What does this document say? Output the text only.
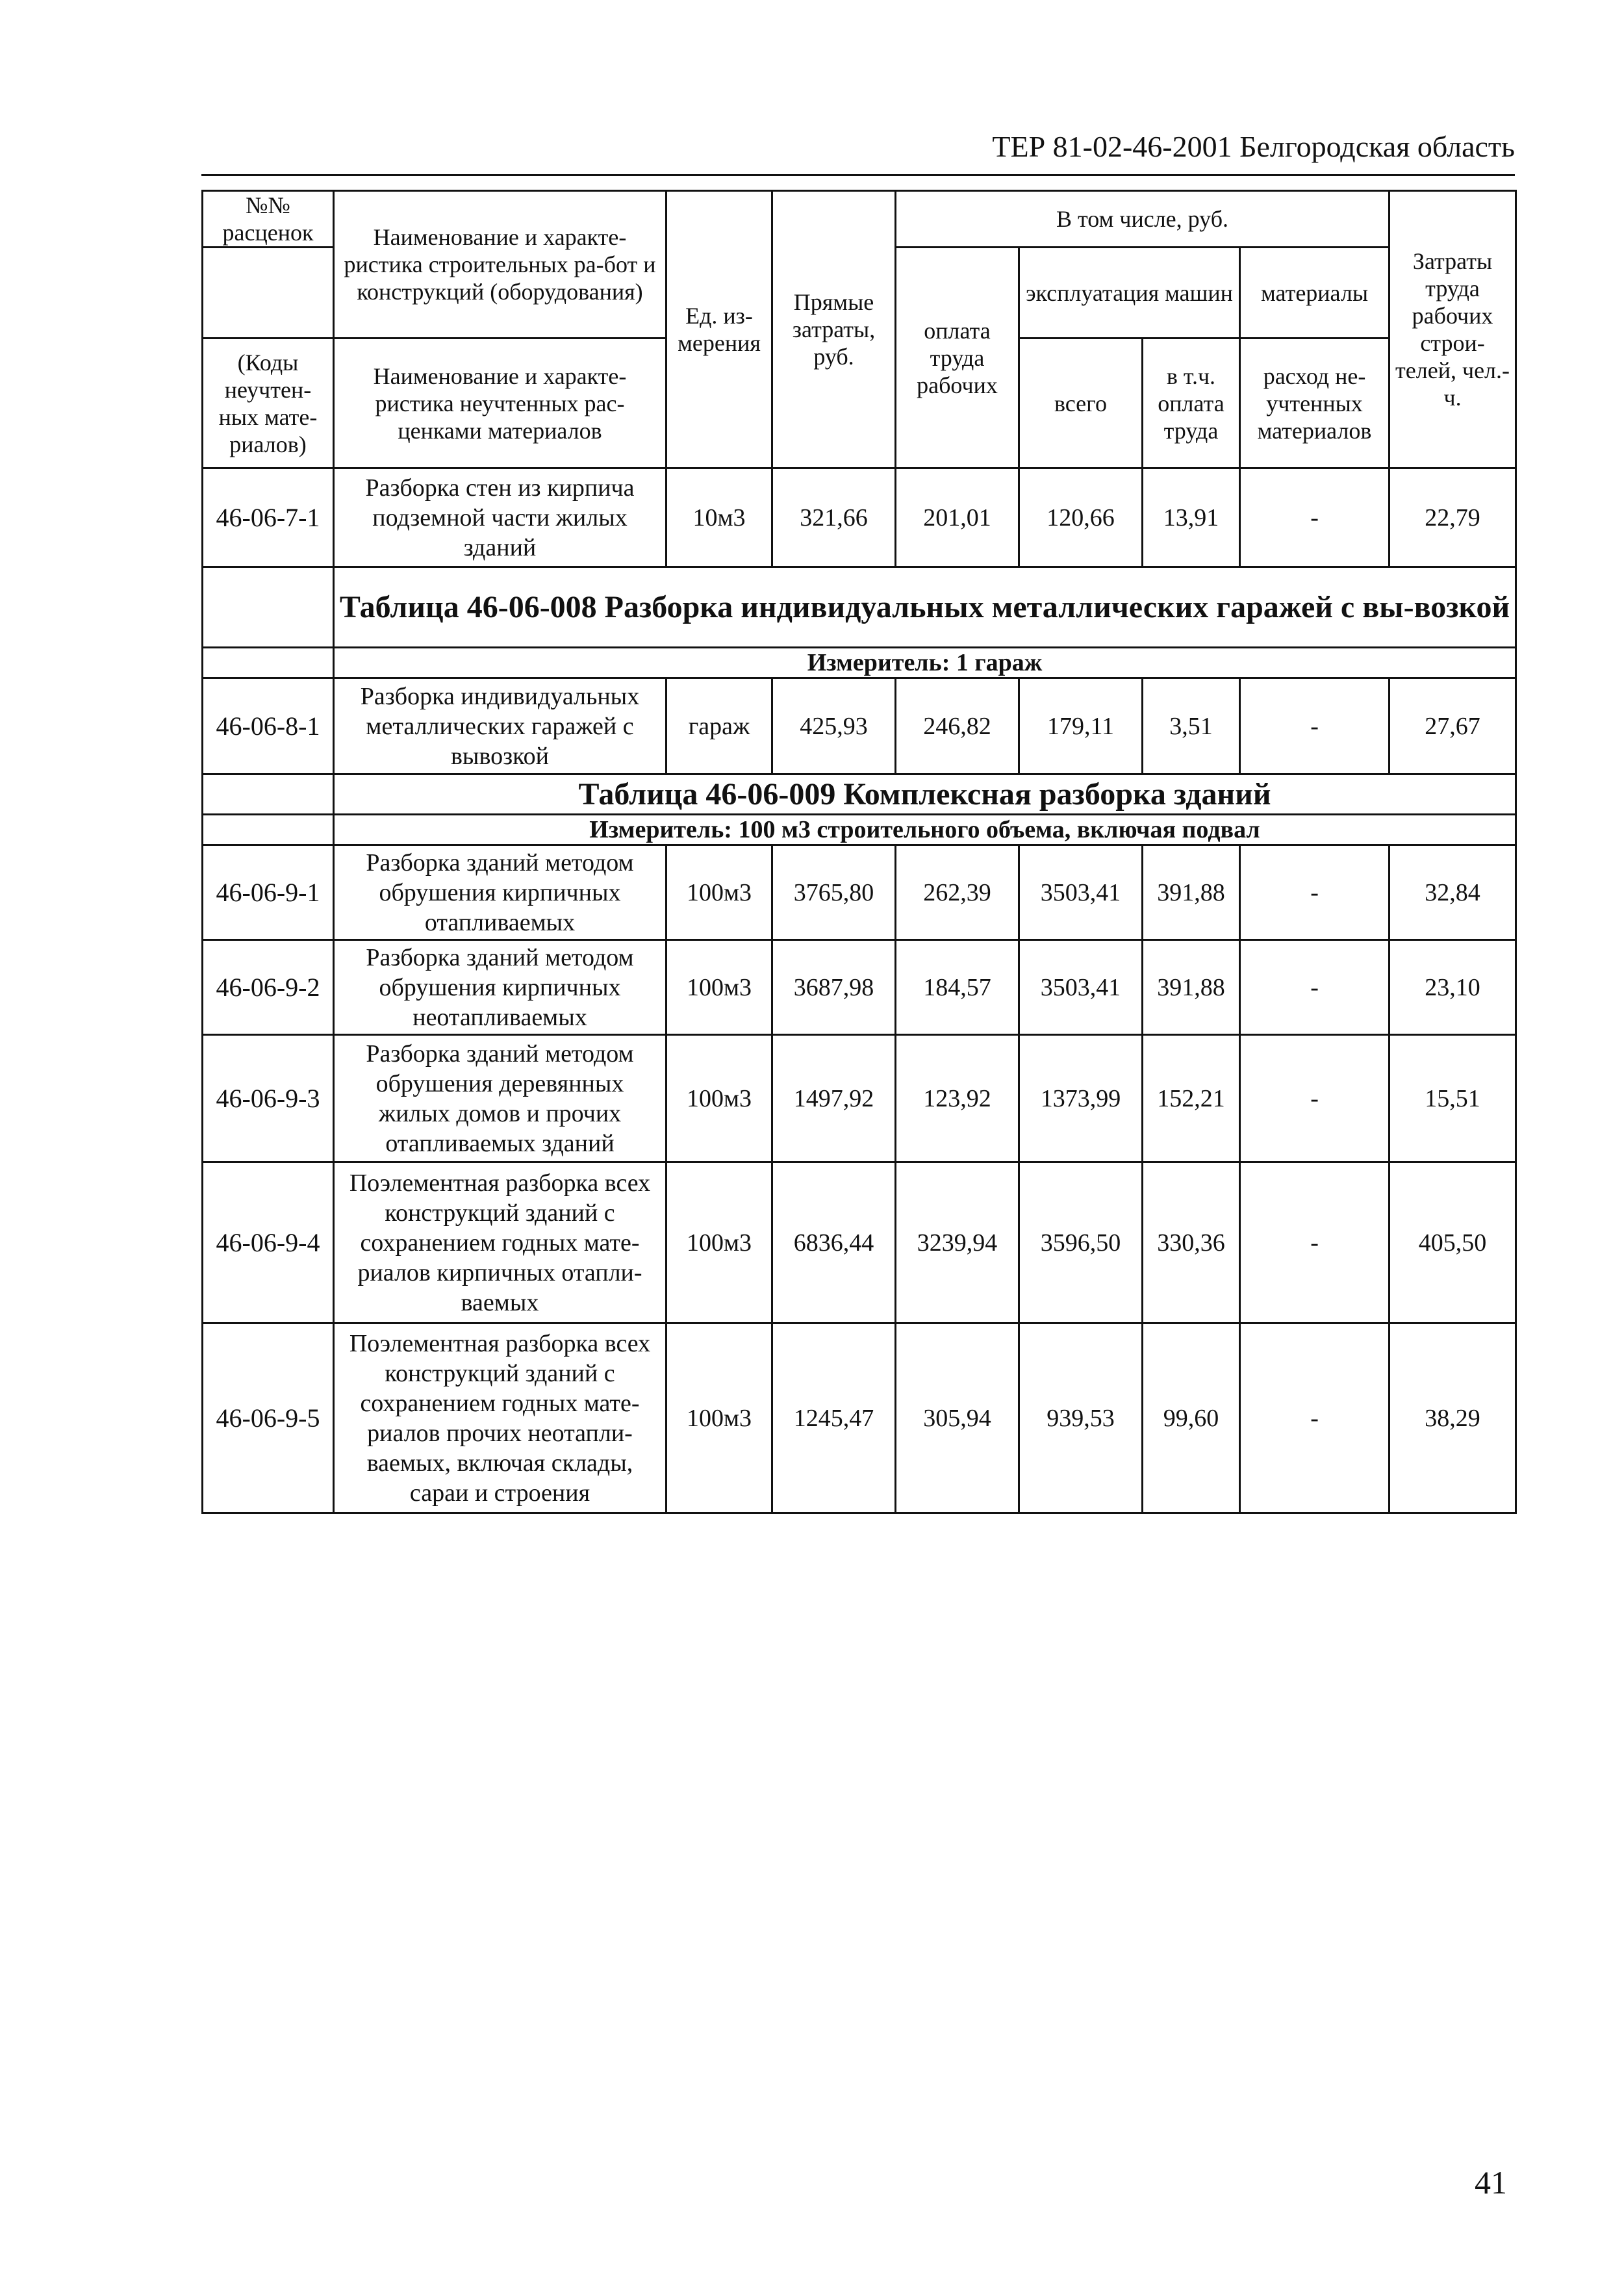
ТЕР 81-02-46-2001 Белгородская область
№№ расценок	Наименование и характе-ристика строительных ра-бот и конструкций (оборудования)	Ед. из-мерения	Прямые затраты, руб.	В том числе, руб.				Затраты труда рабочих строи-телей, чел.-ч.
				оплата труда рабочих	эксплуатация машин		материалы	
(Коды неучтен-ных мате-риалов)	Наименование и характе-ристика неучтенных рас-ценками материалов				всего	в т.ч. оплата труда	расход не-учтенных материалов	

46-06-7-1	Разборка стен из кирпича подземной части жилых зданий	10м3	321,66	201,01	120,66	13,91	-	22,79
	Таблица 46-06-008 Разборка индивидуальных металлических гаражей с вы-возкой							
	Измеритель: 1 гараж							
46-06-8-1	Разборка индивидуальных металлических гаражей с вывозкой	гараж	425,93	246,82	179,11	3,51	-	27,67
	Таблица 46-06-009 Комплексная разборка зданий							
	Измеритель: 100 м3 строительного объема, включая подвал							
46-06-9-1	Разборка зданий методом обрушения кирпичных отапливаемых	100м3	3765,80	262,39	3503,41	391,88	-	32,84
46-06-9-2	Разборка зданий методом обрушения кирпичных неотапливаемых	100м3	3687,98	184,57	3503,41	391,88	-	23,10
46-06-9-3	Разборка зданий методом обрушения деревянных жилых домов и прочих отапливаемых зданий	100м3	1497,92	123,92	1373,99	152,21	-	15,51
46-06-9-4	Поэлементная разборка всех конструкций зданий с сохранением годных мате-риалов кирпичных отапли-ваемых	100м3	6836,44	3239,94	3596,50	330,36	-	405,50
46-06-9-5	Поэлементная разборка всех конструкций зданий с сохранением годных мате-риалов прочих неотапли-ваемых, включая склады, сараи и строения	100м3	1245,47	305,94	939,53	99,60	-	38,29
41
